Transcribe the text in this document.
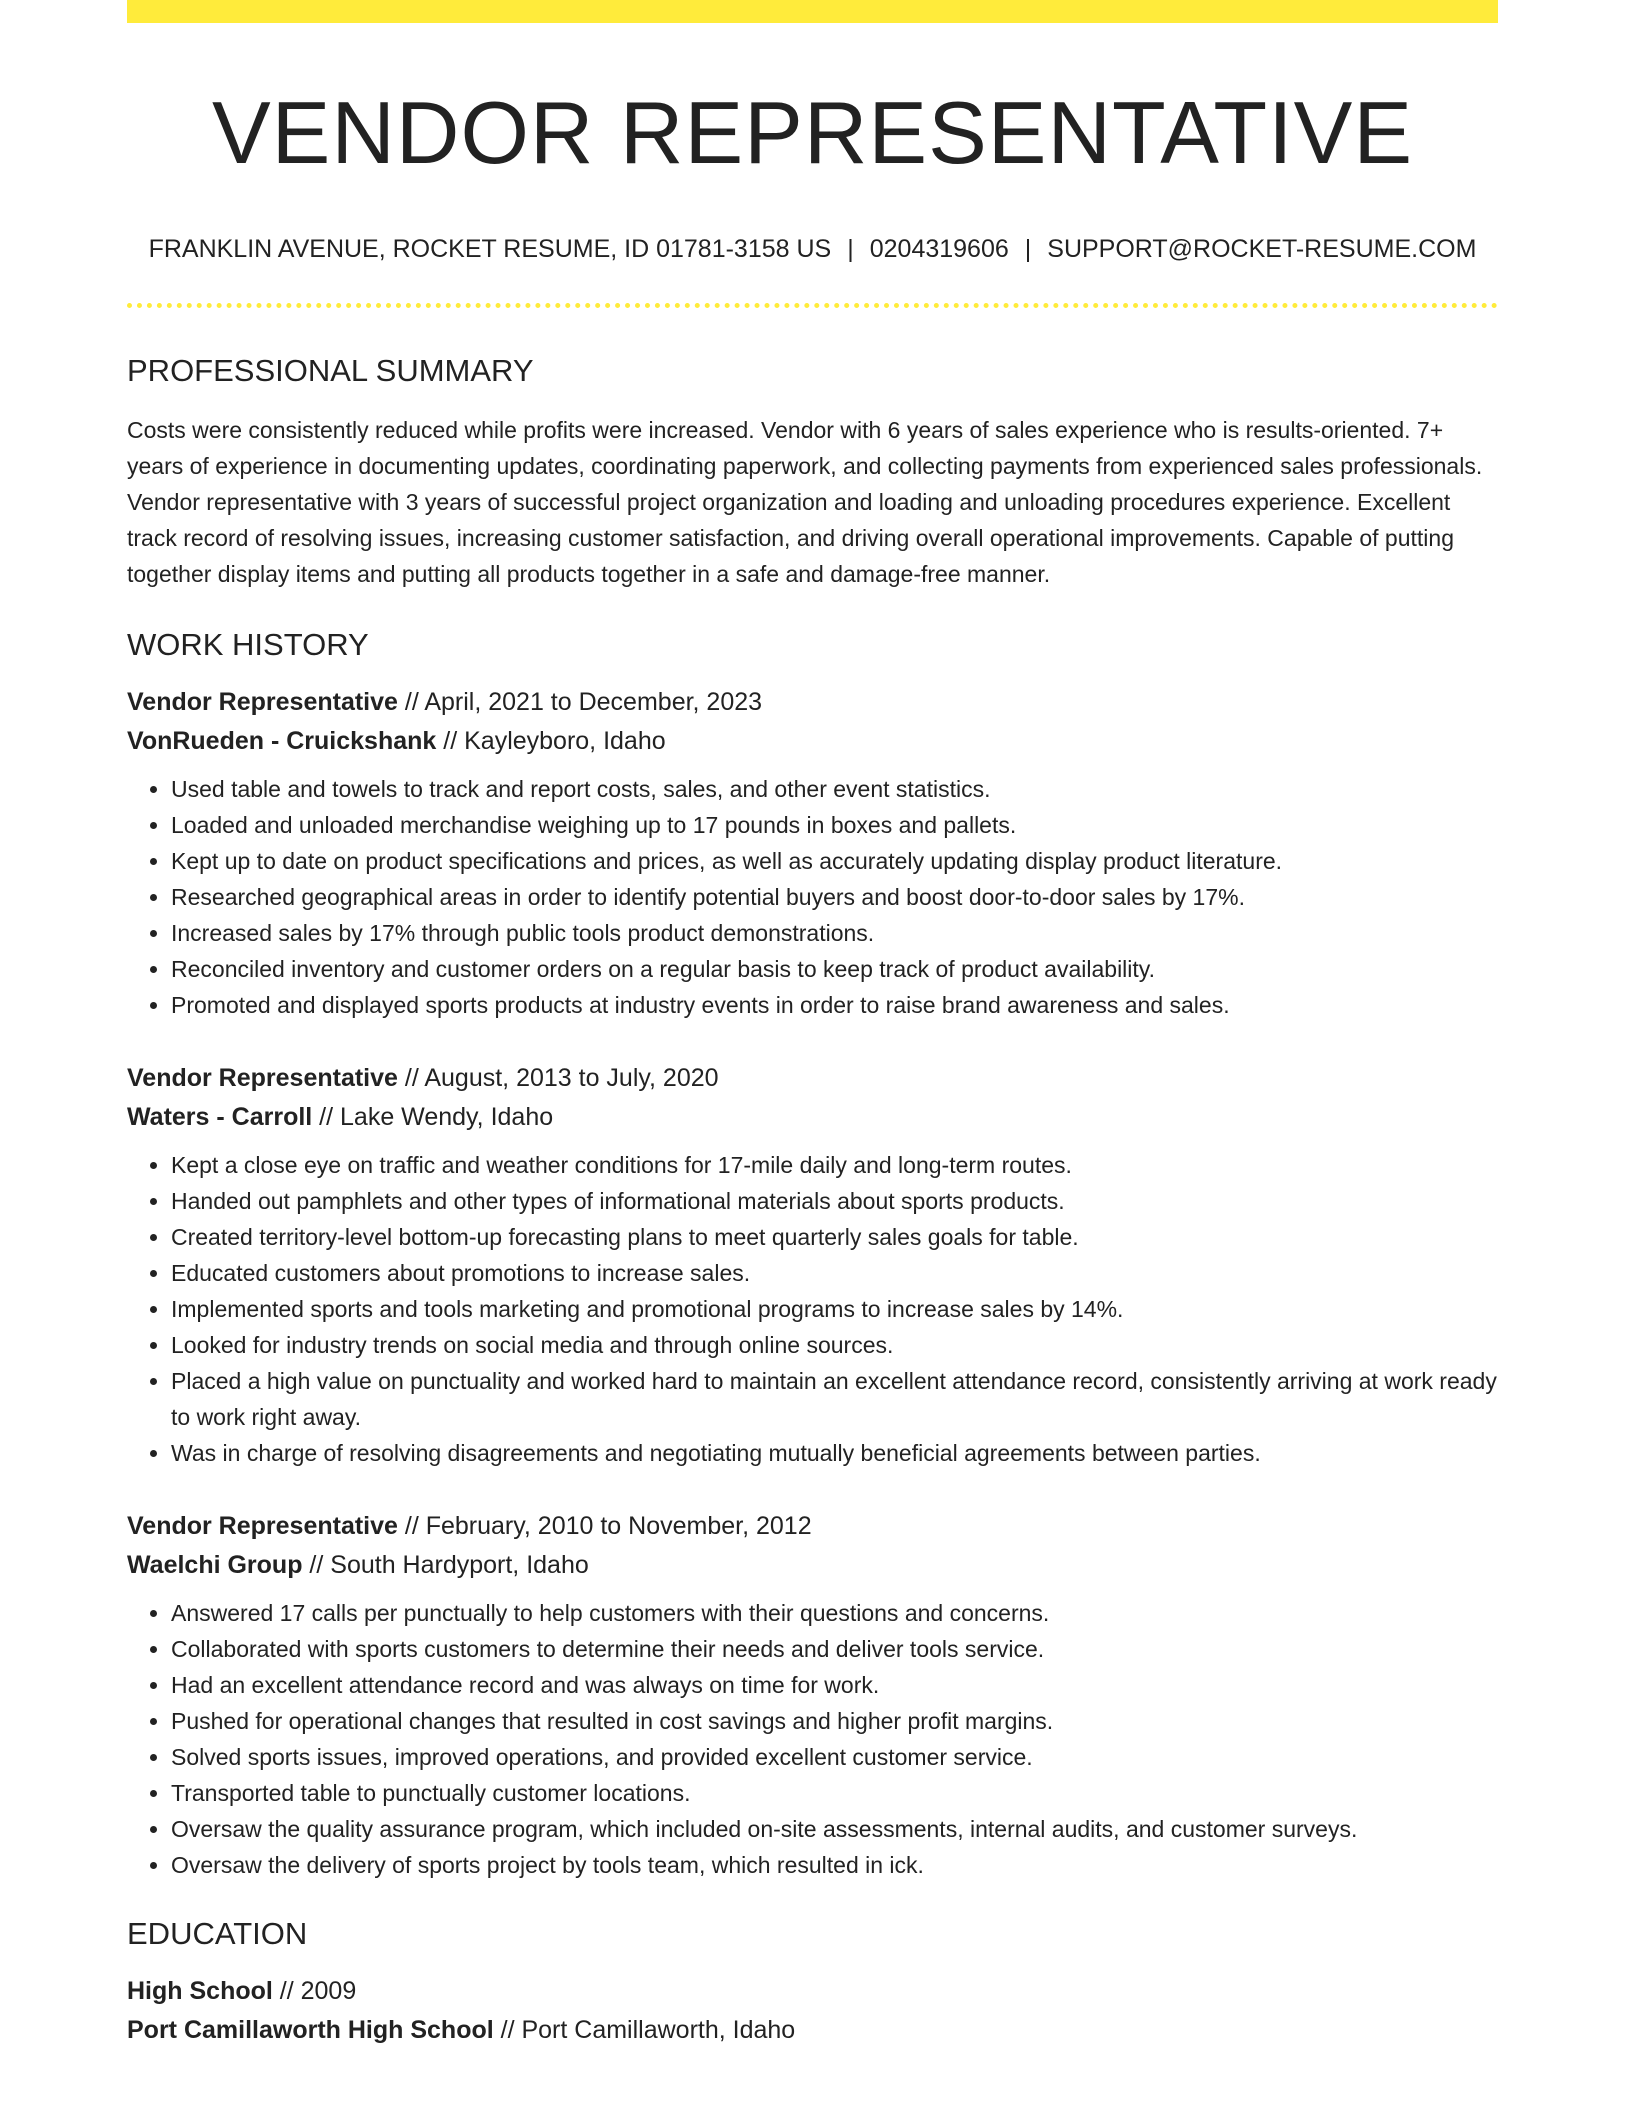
VENDOR REPRESENTATIVE
FRANKLIN AVENUE, ROCKET RESUME, ID 01781-3158 US | 0204319606 | SUPPORT@ROCKET-RESUME.COM
PROFESSIONAL SUMMARY

Costs were consistently reduced while profits were increased. Vendor with 6 years of sales experience who is results-oriented. 7+ years of experience in documenting updates, coordinating paperwork, and collecting payments from experienced sales professionals. Vendor representative with 3 years of successful project organization and loading and unloading procedures experience. Excellent track record of resolving issues, increasing customer satisfaction, and driving overall operational improvements. Capable of putting together display items and putting all products together in a safe and damage-free manner.

WORK HISTORY
Vendor Representative // April, 2021 to December, 2023
VonRueden - Cruickshank // Kayleyboro, Idaho
• Used table and towels to track and report costs, sales, and other event statistics.
• Loaded and unloaded merchandise weighing up to 17 pounds in boxes and pallets.
• Kept up to date on product specifications and prices, as well as accurately updating display product literature.
• Researched geographical areas in order to identify potential buyers and boost door-to-door sales by 17%.
• Increased sales by 17% through public tools product demonstrations.
• Reconciled inventory and customer orders on a regular basis to keep track of product availability.
• Promoted and displayed sports products at industry events in order to raise brand awareness and sales.
Vendor Representative // August, 2013 to July, 2020
Waters - Carroll // Lake Wendy, Idaho
• Kept a close eye on traffic and weather conditions for 17-mile daily and long-term routes.
• Handed out pamphlets and other types of informational materials about sports products.
• Created territory-level bottom-up forecasting plans to meet quarterly sales goals for table.
• Educated customers about promotions to increase sales.
• Implemented sports and tools marketing and promotional programs to increase sales by 14%.
• Looked for industry trends on social media and through online sources.
• Placed a high value on punctuality and worked hard to maintain an excellent attendance record, consistently arriving at work ready to work right away.
• Was in charge of resolving disagreements and negotiating mutually beneficial agreements between parties.
Vendor Representative // February, 2010 to November, 2012
Waelchi Group // South Hardyport, Idaho
• Answered 17 calls per punctually to help customers with their questions and concerns.
• Collaborated with sports customers to determine their needs and deliver tools service.
• Had an excellent attendance record and was always on time for work.
• Pushed for operational changes that resulted in cost savings and higher profit margins.
• Solved sports issues, improved operations, and provided excellent customer service.
• Transported table to punctually customer locations.
• Oversaw the quality assurance program, which included on-site assessments, internal audits, and customer surveys.
• Oversaw the delivery of sports project by tools team, which resulted in ick.
EDUCATION
High School // 2009
Port Camillaworth High School // Port Camillaworth, Idaho
